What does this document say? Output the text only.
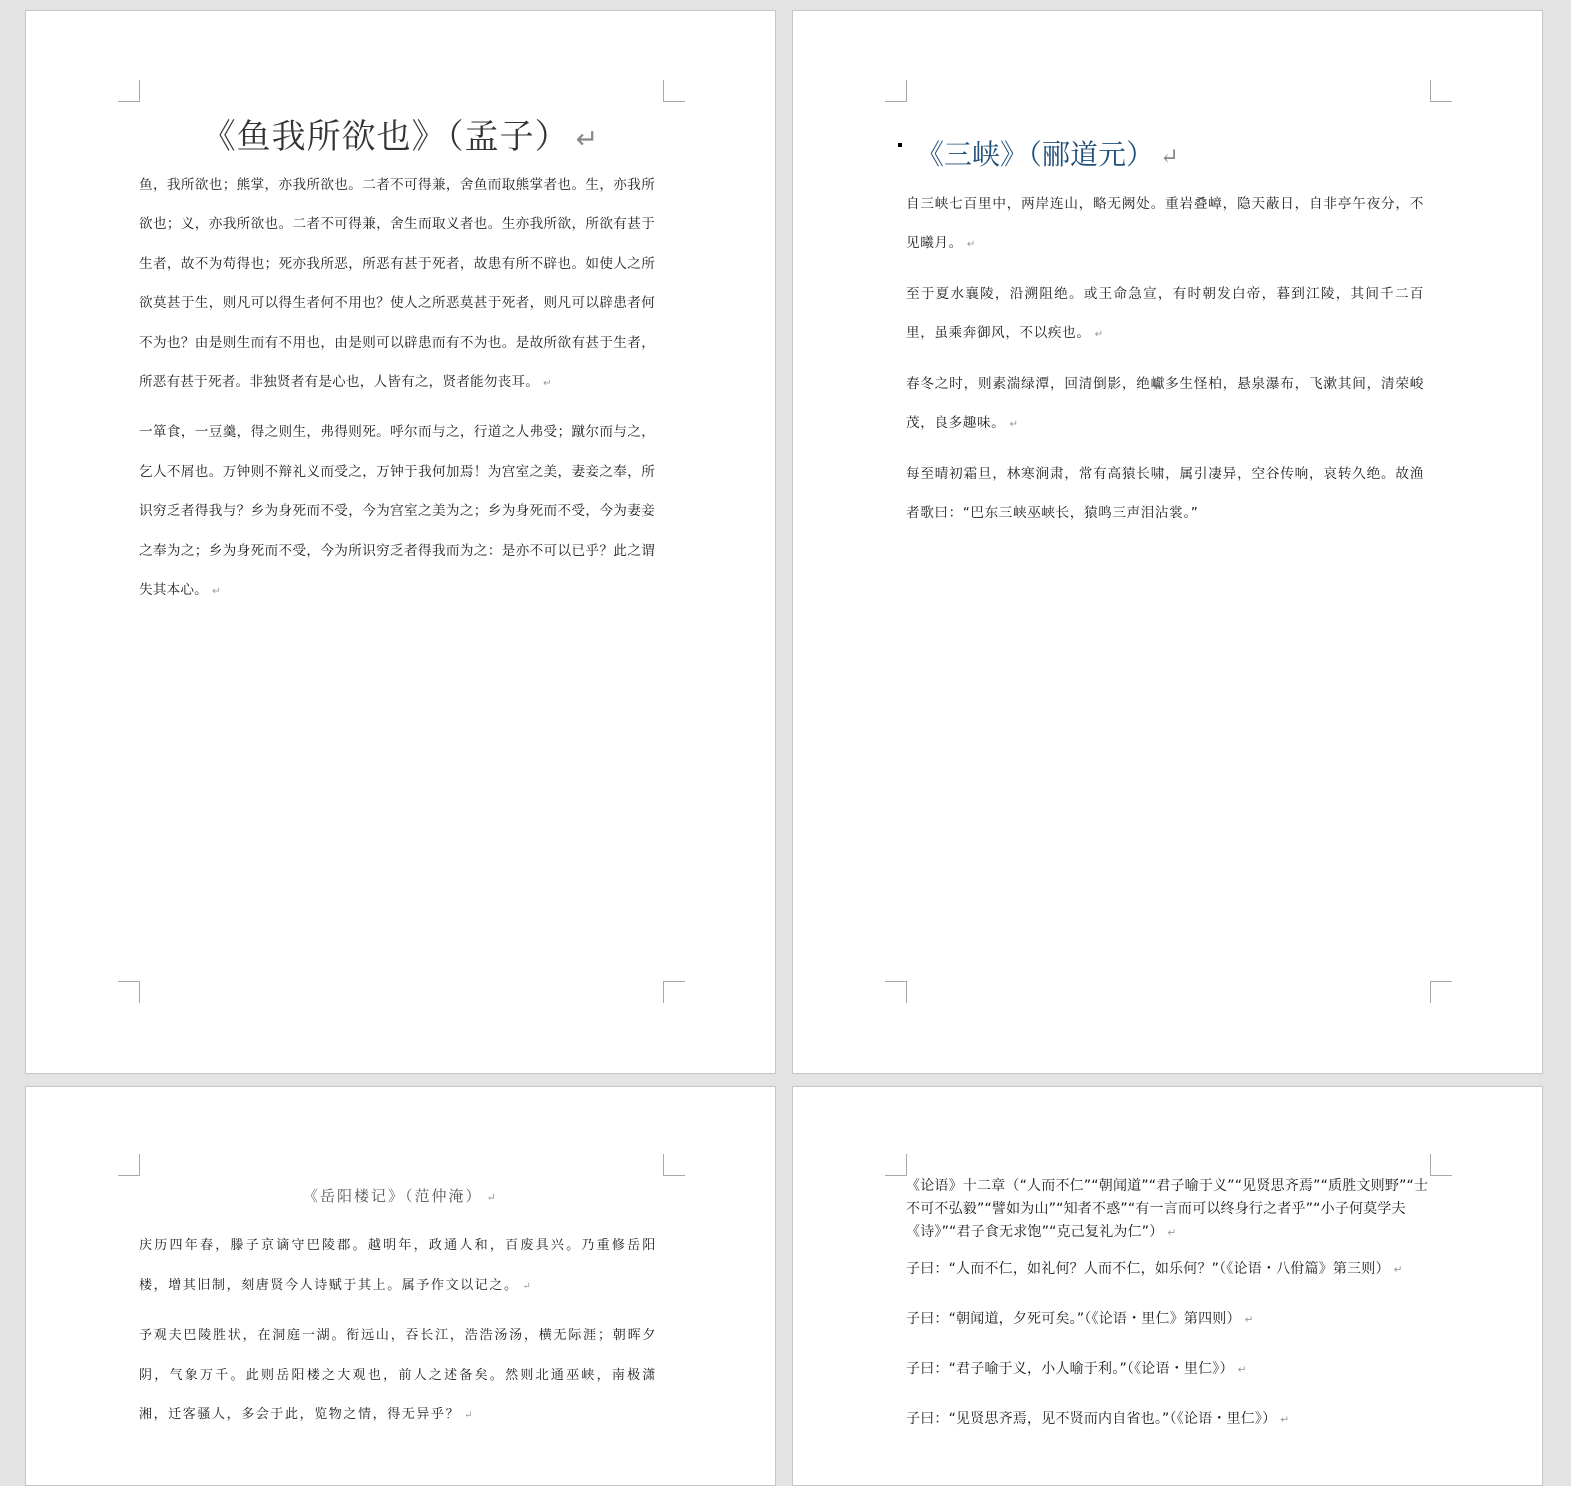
《鱼我所欲也》（孟子） ↵

鱼，我所欲也；熊掌，亦我所欲也。二者不可得兼，舍鱼而取熊掌者也。生，亦我所欲也；义，亦我所欲也。二者不可得兼，舍生而取义者也。生亦我所欲，所欲有甚于生者，故不为苟得也；死亦我所恶，所恶有甚于死者，故患有所不辟也。如使人之所欲莫甚于生，则凡可以得生者何不用也？使人之所恶莫甚于死者，则凡可以辟患者何不为也？由是则生而有不用也，由是则可以辟患而有不为也。是故所欲有甚于生者，所恶有甚于死者。非独贤者有是心也，人皆有之，贤者能勿丧耳。 ↵

一箪食，一豆羹，得之则生，弗得则死。呼尔而与之，行道之人弗受；蹴尔而与之，乞人不屑也。万钟则不辩礼义而受之，万钟于我何加焉！为宫室之美，妻妾之奉，所识穷乏者得我与？乡为身死而不受，今为宫室之美为之；乡为身死而不受，今为妻妾之奉为之；乡为身死而不受，今为所识穷乏者得我而为之：是亦不可以已乎？此之谓失其本心。 ↵

《三峡》（郦道元） ↵

自三峡七百里中，两岸连山，略无阙处。重岩叠嶂，隐天蔽日，自非亭午夜分，不见曦月。 ↵

至于夏水襄陵，沿溯阻绝。或王命急宣，有时朝发白帝，暮到江陵，其间千二百里，虽乘奔御风，不以疾也。 ↵

春冬之时，则素湍绿潭，回清倒影，绝巘多生怪柏，悬泉瀑布，飞漱其间，清荣峻茂，良多趣味。 ↵

每至晴初霜旦，林寒涧肃，常有高猿长啸，属引凄异，空谷传响，哀转久绝。故渔者歌曰：“巴东三峡巫峡长，猿鸣三声泪沾裳。”

《岳阳楼记》（范仲淹） ↵

庆历四年春，滕子京谪守巴陵郡。越明年，政通人和，百废具兴。乃重修岳阳楼，增其旧制，刻唐贤今人诗赋于其上。属予作文以记之。 ↵

予观夫巴陵胜状，在洞庭一湖。衔远山，吞长江，浩浩汤汤，横无际涯；朝晖夕阴，气象万千。此则岳阳楼之大观也，前人之述备矣。然则北通巫峡，南极潇湘，迁客骚人，多会于此，览物之情，得无异乎？ ↵

《论语》十二章（“人而不仁”“朝闻道”“君子喻于义”“见贤思齐焉”“质胜文则野”“士不可不弘毅”“譬如为山”“知者不惑”“有一言而可以终身行之者乎”“小子何莫学夫《诗》”“君子食无求饱”“克己复礼为仁”） ↵

子曰：“人而不仁，如礼何？人而不仁，如乐何？”（《论语・八佾篇》第三则） ↵

子曰：“朝闻道，夕死可矣。”（《论语・里仁》第四则） ↵

子曰：“君子喻于义，小人喻于利。”（《论语・里仁》） ↵

子曰：“见贤思齐焉，见不贤而内自省也。”（《论语・里仁》） ↵
